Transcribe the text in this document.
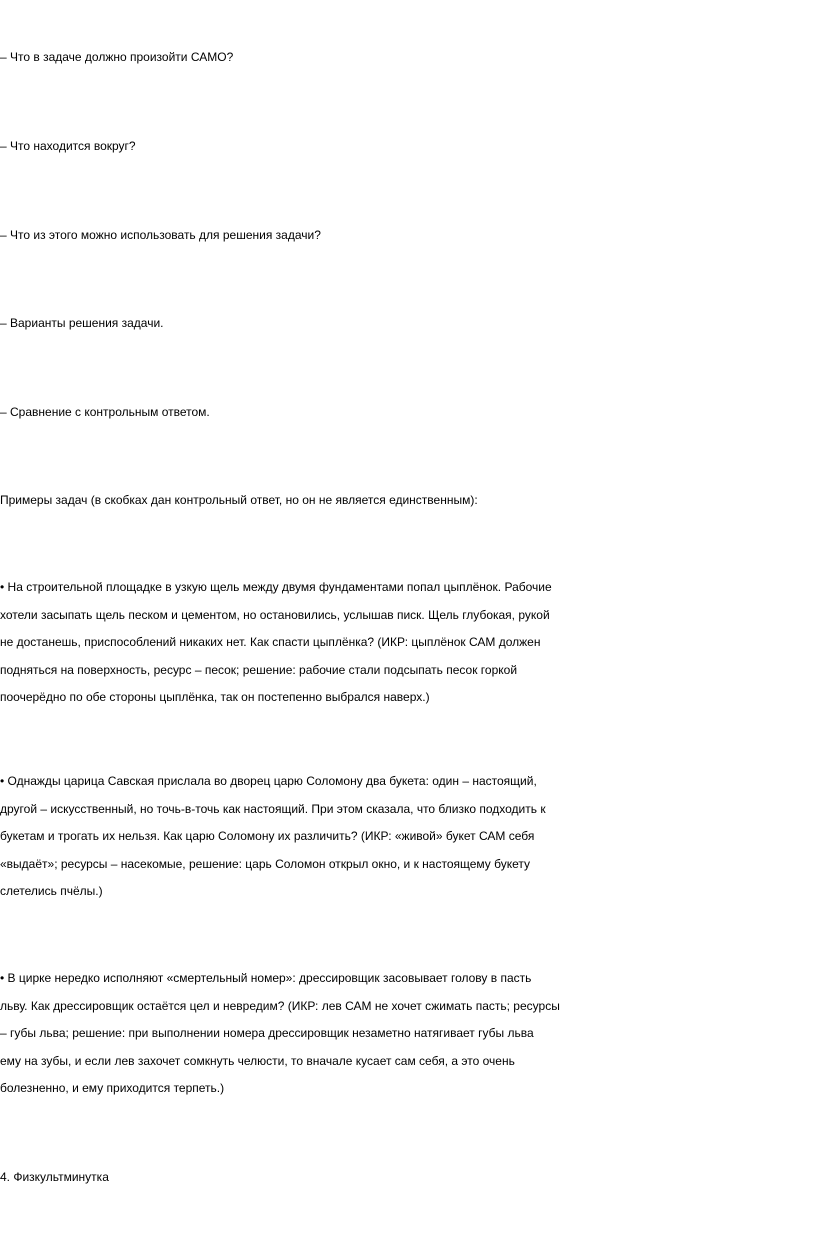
– Что в задаче должно произойти САМО?

– Что находится вокруг?

– Что из этого можно использовать для решения задачи?

– Варианты решения задачи.

– Сравнение с контрольным ответом.

Примеры задач (в скобках дан контрольный ответ, но он не является единственным):

• На строительной площадке в узкую щель между двумя фундаментами попал цыплёнок. Рабочие
хотели засыпать щель песком и цементом, но остановились, услышав писк. Щель глубокая, рукой
не достанешь, приспособлений никаких нет. Как спасти цыплёнка? (ИКР: цыплёнок САМ должен
подняться на поверхность, ресурс – песок; решение: рабочие стали подсыпать песок горкой
поочерёдно по обе стороны цыплёнка, так он постепенно выбрался наверх.)

• Однажды царица Савская прислала во дворец царю Соломону два букета: один – настоящий,
другой – искусственный, но точь-в-точь как настоящий. При этом сказала, что близко подходить к
букетам и трогать их нельзя. Как царю Соломону их различить? (ИКР: «живой» букет САМ себя
«выдаёт»; ресурсы – насекомые, решение: царь Соломон открыл окно, и к настоящему букету
слетелись пчёлы.)

• В цирке нередко исполняют «смертельный номер»: дрессировщик засовывает голову в пасть
льву. Как дрессировщик остаётся цел и невредим? (ИКР: лев САМ не хочет сжимать пасть; ресурсы
– губы льва; решение: при выполнении номера дрессировщик незаметно натягивает губы льва
ему на зубы, и если лев захочет сомкнуть челюсти, то вначале кусает сам себя, а это очень
болезненно, и ему приходится терпеть.)

4. Физкультминутка
